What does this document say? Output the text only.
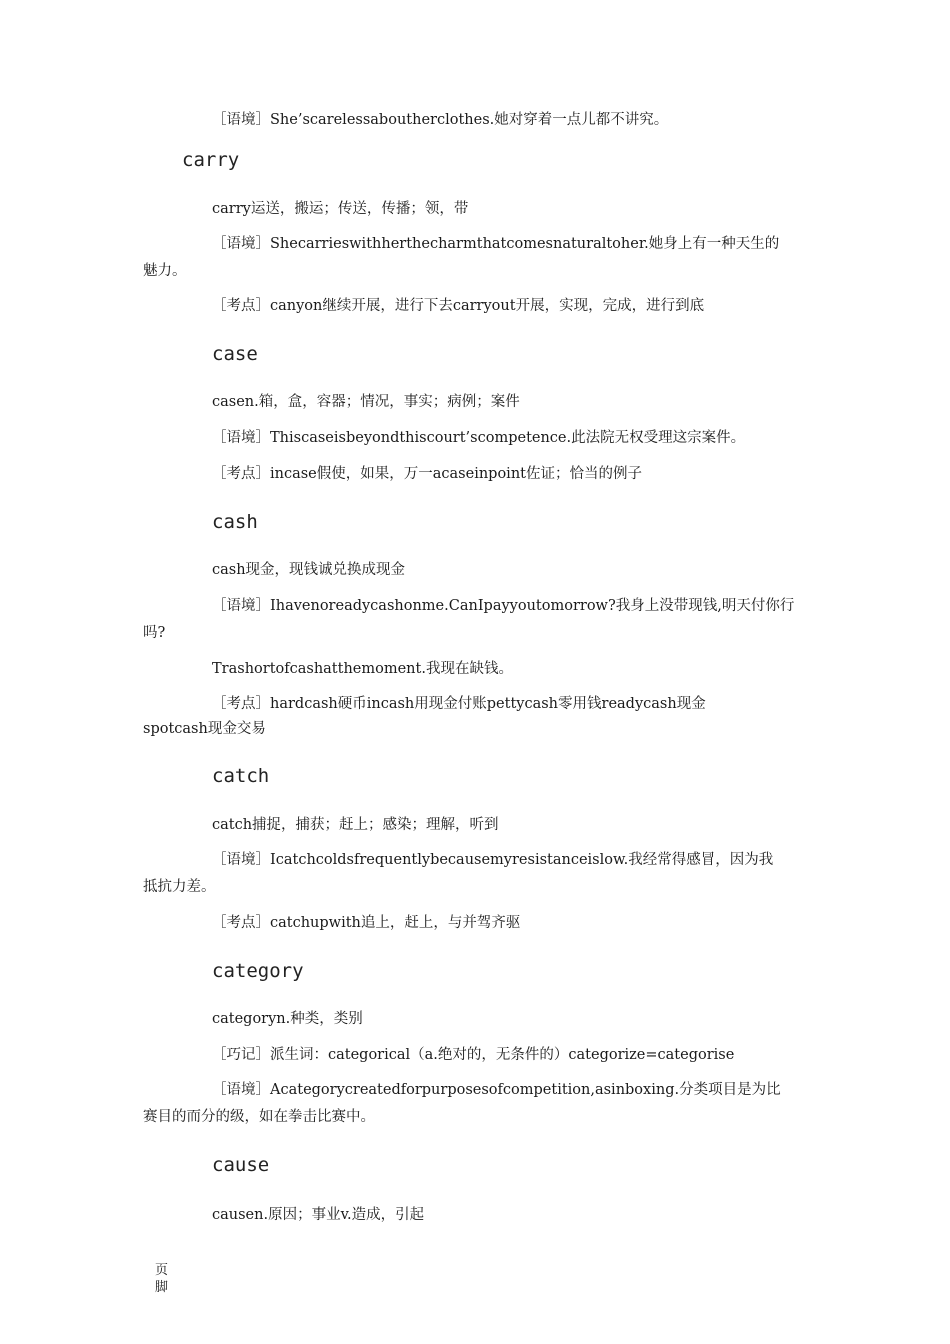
［语境］She’scarelessaboutherclothes.她对穿着一点儿都不讲究。
carry
carry运送，搬运；传送，传播；领，带
［语境］Shecarrieswithherthecharmthatcomesnaturaltoher.她身上有一种天生的
魅力。
［考点］canyon继续开展，进行下去carryout开展，实现，完成，进行到底
case
casen.箱，盒，容器；情况，事实；病例；案件
［语境］Thiscaseisbeyondthiscourt’scompetence.此法院无权受理这宗案件。
［考点］incase假使，如果，万一acaseinpoint佐证；恰当的例子
cash
cash现金，现钱诚兑换成现金
［语境］Ihavenoreadycashonme.CanIpayyoutomorrow?我身上没带现钱,明天付你行
吗?
Trashortofcashatthemoment.我现在缺钱。
［考点］hardcash硬币incash用现金付账pettycash零用钱readycash现金
spotcash现金交易
catch
catch捕捉，捕获；赶上；感染；理解，听到
［语境］Icatchcoldsfrequentlybecausemyresistanceislow.我经常得感冒，因为我
抵抗力差。
［考点］catchupwith追上，赶上，与并驾齐驱
category
categoryn.种类，类别
［巧记］派生词：categorical（a.绝对的，无条件的）categorize=categorise
［语境］Acategorycreatedforpurposesofcompetition,asinboxing.分类项目是为比
赛目的而分的级，如在拳击比赛中。
cause
causen.原因；事业v.造成，引起
页脚
